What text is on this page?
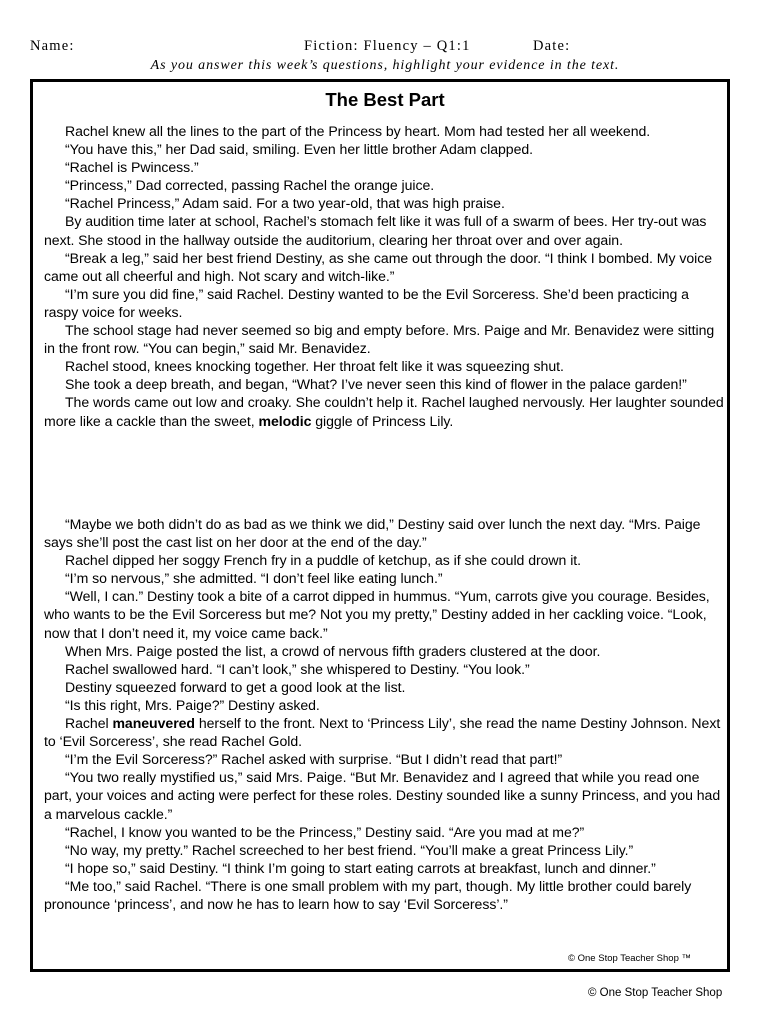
Name:	Fiction: Fluency – Q1:1	Date:
As you answer this week’s questions, highlight your evidence in the text.
The Best Part

Rachel knew all the lines to the part of the Princess by heart. Mom had tested her all weekend.

“You have this,” her Dad said, smiling. Even her little brother Adam clapped.

“Rachel is Pwincess.”

“Princess,” Dad corrected, passing Rachel the orange juice.

“Rachel Princess,” Adam said. For a two year-old, that was high praise.

By audition time later at school, Rachel’s stomach felt like it was full of a swarm of bees. Her try-out was next. She stood in the hallway outside the auditorium, clearing her throat over and over again.

“Break a leg,” said her best friend Destiny, as she came out through the door. “I think I bombed. My voice came out all cheerful and high. Not scary and witch-like.”

“I’m sure you did fine,” said Rachel. Destiny wanted to be the Evil Sorceress. She’d been practicing a raspy voice for weeks.

The school stage had never seemed so big and empty before. Mrs. Paige and Mr. Benavidez were sitting in the front row. “You can begin,” said Mr. Benavidez.

Rachel stood, knees knocking together. Her throat felt like it was squeezing shut.

She took a deep breath, and began, “What? I’ve never seen this kind of flower in the palace garden!”

The words came out low and croaky. She couldn’t help it. Rachel laughed nervously. Her laughter sounded more like a cackle than the sweet, melodic giggle of Princess Lily.

“Maybe we both didn’t do as bad as we think we did,” Destiny said over lunch the next day. “Mrs. Paige says she’ll post the cast list on her door at the end of the day.”

Rachel dipped her soggy French fry in a puddle of ketchup, as if she could drown it.

“I’m so nervous,” she admitted. “I don’t feel like eating lunch.”

“Well, I can.” Destiny took a bite of a carrot dipped in hummus. “Yum, carrots give you courage. Besides, who wants to be the Evil Sorceress but me? Not you my pretty,” Destiny added in her cackling voice. “Look, now that I don’t need it, my voice came back.”

When Mrs. Paige posted the list, a crowd of nervous fifth graders clustered at the door.

Rachel swallowed hard. “I can’t look,” she whispered to Destiny. “You look.”

Destiny squeezed forward to get a good look at the list.

“Is this right, Mrs. Paige?” Destiny asked.

Rachel maneuvered herself to the front. Next to ‘Princess Lily’, she read the name Destiny Johnson. Next to ‘Evil Sorceress’, she read Rachel Gold.

“I’m the Evil Sorceress?” Rachel asked with surprise. “But I didn’t read that part!”

“You two really mystified us,” said Mrs. Paige. “But Mr. Benavidez and I agreed that while you read one part, your voices and acting were perfect for these roles. Destiny sounded like a sunny Princess, and you had a marvelous cackle.”

“Rachel, I know you wanted to be the Princess,” Destiny said. “Are you mad at me?”

“No way, my pretty.” Rachel screeched to her best friend. “You’ll make a great Princess Lily.”

“I hope so,” said Destiny. “I think I’m going to start eating carrots at breakfast, lunch and dinner.”

“Me too,” said Rachel. “There is one small problem with my part, though. My little brother could barely pronounce ‘princess’, and now he has to learn how to say ‘Evil Sorceress’.”

© One Stop Teacher Shop ™
© One Stop Teacher Shop
